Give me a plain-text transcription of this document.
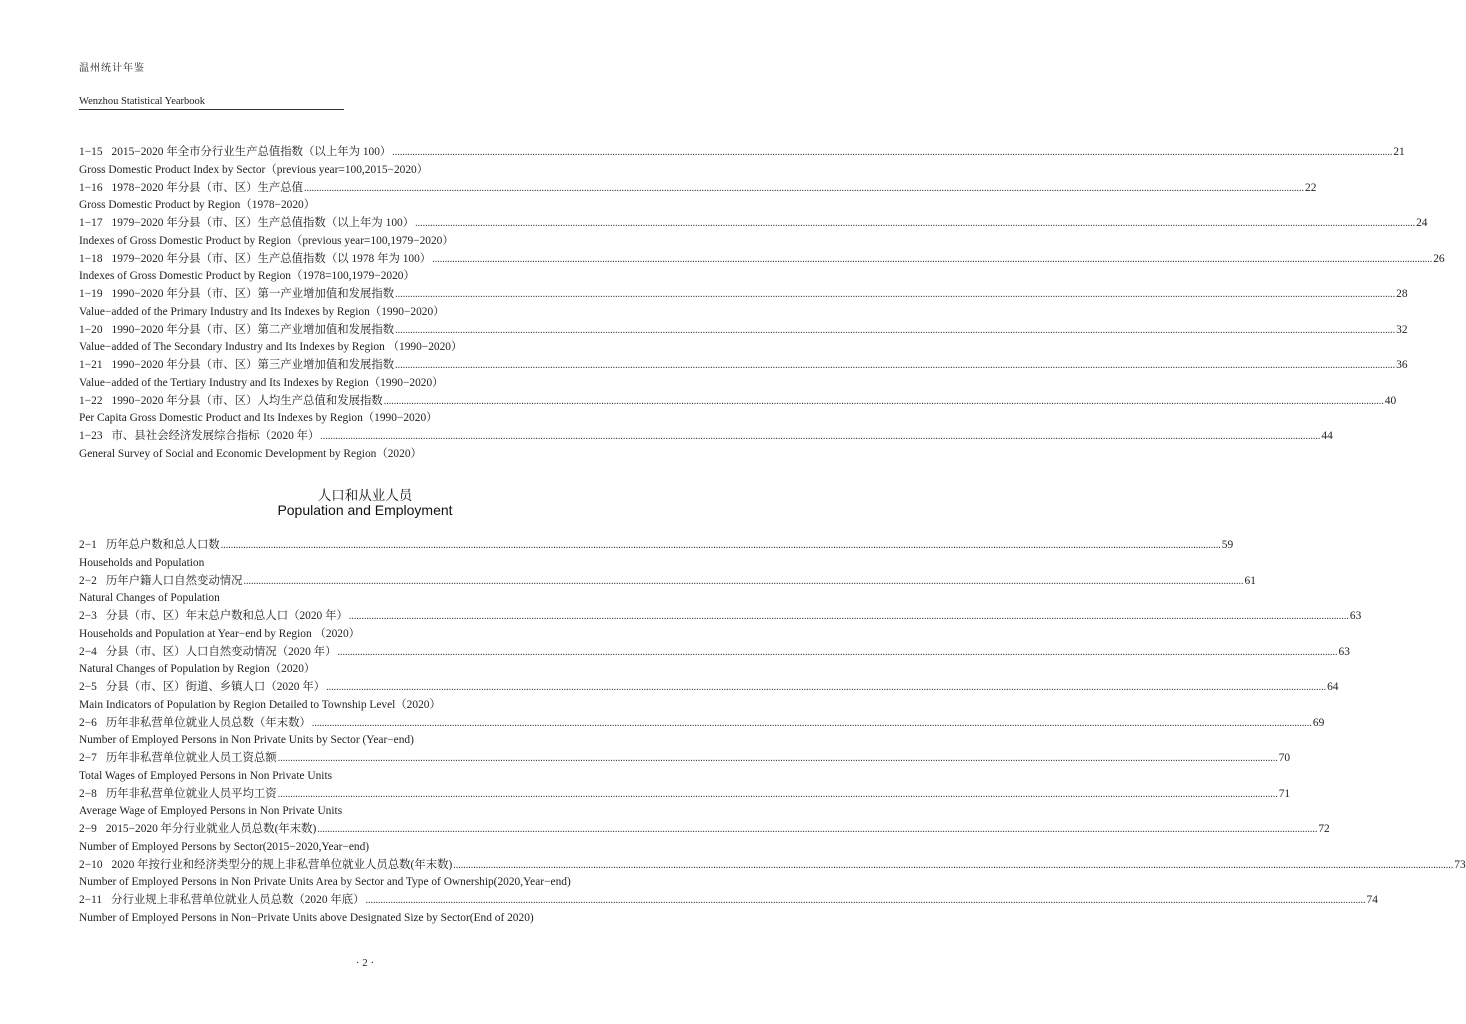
温州统计年鉴
Wenzhou Statistical Yearbook
1−15 2015−2020 年全市分行业生产总值指数（以上年为 100） ................................................................................................................................................................................................................................................................................................................................................................................................................ 21
Gross Domestic Product Index by Sector（previous year=100,2015−2020）
1−16 1978−2020 年分县（市、区）生产总值 ................................................................................................................................................................................................................................................................................................................................................................................................................ 22
Gross Domestic Product by Region（1978−2020）
1−17 1979−2020 年分县（市、区）生产总值指数（以上年为 100） ................................................................................................................................................................................................................................................................................................................................................................................................................ 24
Indexes of Gross Domestic Product by Region（previous year=100,1979−2020）
1−18 1979−2020 年分县（市、区）生产总值指数（以 1978 年为 100） ................................................................................................................................................................................................................................................................................................................................................................................................................ 26
Indexes of Gross Domestic Product by Region（1978=100,1979−2020）
1−19 1990−2020 年分县（市、区）第一产业增加值和发展指数 ................................................................................................................................................................................................................................................................................................................................................................................................................ 28
Value−added of the Primary Industry and Its Indexes by Region（1990−2020）
1−20 1990−2020 年分县（市、区）第二产业增加值和发展指数 ................................................................................................................................................................................................................................................................................................................................................................................................................ 32
Value−added of The Secondary Industry and Its Indexes by Region （1990−2020）
1−21 1990−2020 年分县（市、区）第三产业增加值和发展指数 ................................................................................................................................................................................................................................................................................................................................................................................................................ 36
Value−added of the Tertiary Industry and Its Indexes by Region（1990−2020）
1−22 1990−2020 年分县（市、区）人均生产总值和发展指数 ................................................................................................................................................................................................................................................................................................................................................................................................................ 40
Per Capita Gross Domestic Product and Its Indexes by Region（1990−2020）
1−23 市、县社会经济发展综合指标（2020 年） ................................................................................................................................................................................................................................................................................................................................................................................................................ 44
General Survey of Social and Economic Development by Region（2020）
人口和从业人员
Population and Employment
2−1 历年总户数和总人口数 ................................................................................................................................................................................................................................................................................................................................................................................................................ 59
Households and Population
2−2 历年户籍人口自然变动情况 ................................................................................................................................................................................................................................................................................................................................................................................................................ 61
Natural Changes of Population
2−3 分县（市、区）年末总户数和总人口（2020 年） ................................................................................................................................................................................................................................................................................................................................................................................................................ 63
Households and Population at Year−end by Region （2020）
2−4 分县（市、区）人口自然变动情况（2020 年） ................................................................................................................................................................................................................................................................................................................................................................................................................ 63
Natural Changes of Population by Region（2020）
2−5 分县（市、区）街道、乡镇人口（2020 年） ................................................................................................................................................................................................................................................................................................................................................................................................................ 64
Main Indicators of Population by Region Detailed to Township Level（2020）
2−6 历年非私营单位就业人员总数（年末数） ................................................................................................................................................................................................................................................................................................................................................................................................................ 69
Number of Employed Persons in Non Private Units by Sector (Year−end)
2−7 历年非私营单位就业人员工资总额 ................................................................................................................................................................................................................................................................................................................................................................................................................ 70
Total Wages of Employed Persons in Non Private Units
2−8 历年非私营单位就业人员平均工资 ................................................................................................................................................................................................................................................................................................................................................................................................................ 71
Average Wage of Employed Persons in Non Private Units
2−9 2015−2020 年分行业就业人员总数(年末数) ................................................................................................................................................................................................................................................................................................................................................................................................................ 72
Number of Employed Persons by Sector(2015−2020,Year−end)
2−10 2020 年按行业和经济类型分的规上非私营单位就业人员总数(年末数) ................................................................................................................................................................................................................................................................................................................................................................................................................ 73
Number of Employed Persons in Non Private Units Area by Sector and Type of Ownership(2020,Year−end)
2−11 分行业规上非私营单位就业人员总数（2020 年底） ................................................................................................................................................................................................................................................................................................................................................................................................................ 74
Number of Employed Persons in Non−Private Units above Designated Size by Sector(End of 2020)
· 2 ·
